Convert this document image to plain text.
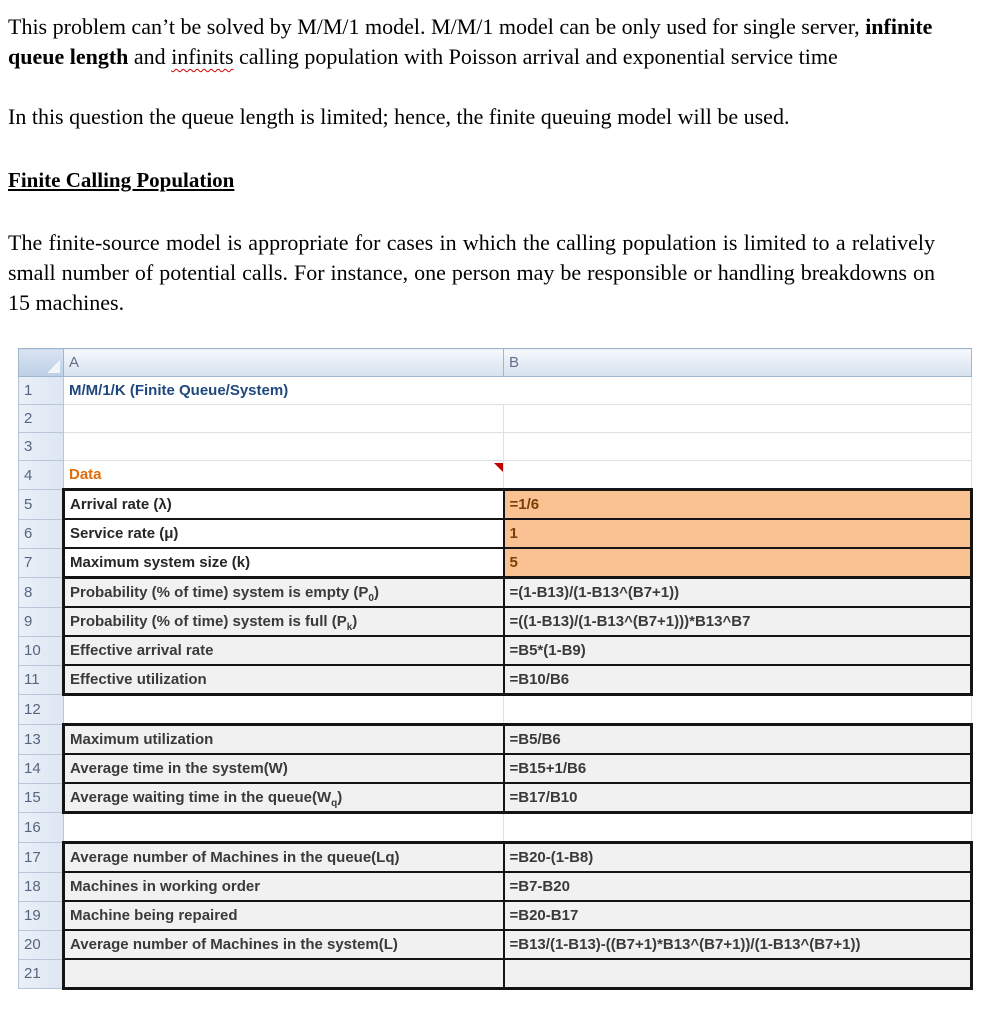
This problem can’t be solved by M/M/1 model. M/M/1 model can be only used for single server, infinite queue length and infinits calling population with Poisson arrival and exponential service time

In this question the queue length is limited; hence, the finite queuing model will be used.

Finite Calling Population

The finite-source model is appropriate for cases in which the calling population is limited to a relatively small number of potential calls. For instance, one person may be responsible or handling breakdowns on 15 machines.

	A	B
1	M/M/1/K (Finite Queue/System)	
2		
3		
4	Data

5	Arrival rate (λ)	=1/6
6	Service rate (μ)	1
7	Maximum system size (k)	5
8	Probability (% of time) system is empty $(P_0)$	=(1-B13)/(1-B13^(B7+1))
9	Probability (% of time) system is full $(P_k)$	=((1-B13)/(1-B13^(B7+1)))*B13^B7
10	Effective arrival rate	=B5*(1-B9)
11	Effective utilization	=B10/B6
12		
13	Maximum utilization	=B5/B6
14	Average time in the system(W)	=B15+1/B6
15	Average waiting time in the $queue(W_q)$	=B17/B10
16		
17	Average number of Machines in the queue(Lq)	=B20-(1-B8)
18	Machines in working order	=B7-B20
19	Machine being repaired	=B20-B17
20	Average number of Machines in the system(L)	=B13/(1-B13)-((B7+1)*B13^(B7+1))/(1-B13^(B7+1))
21		
